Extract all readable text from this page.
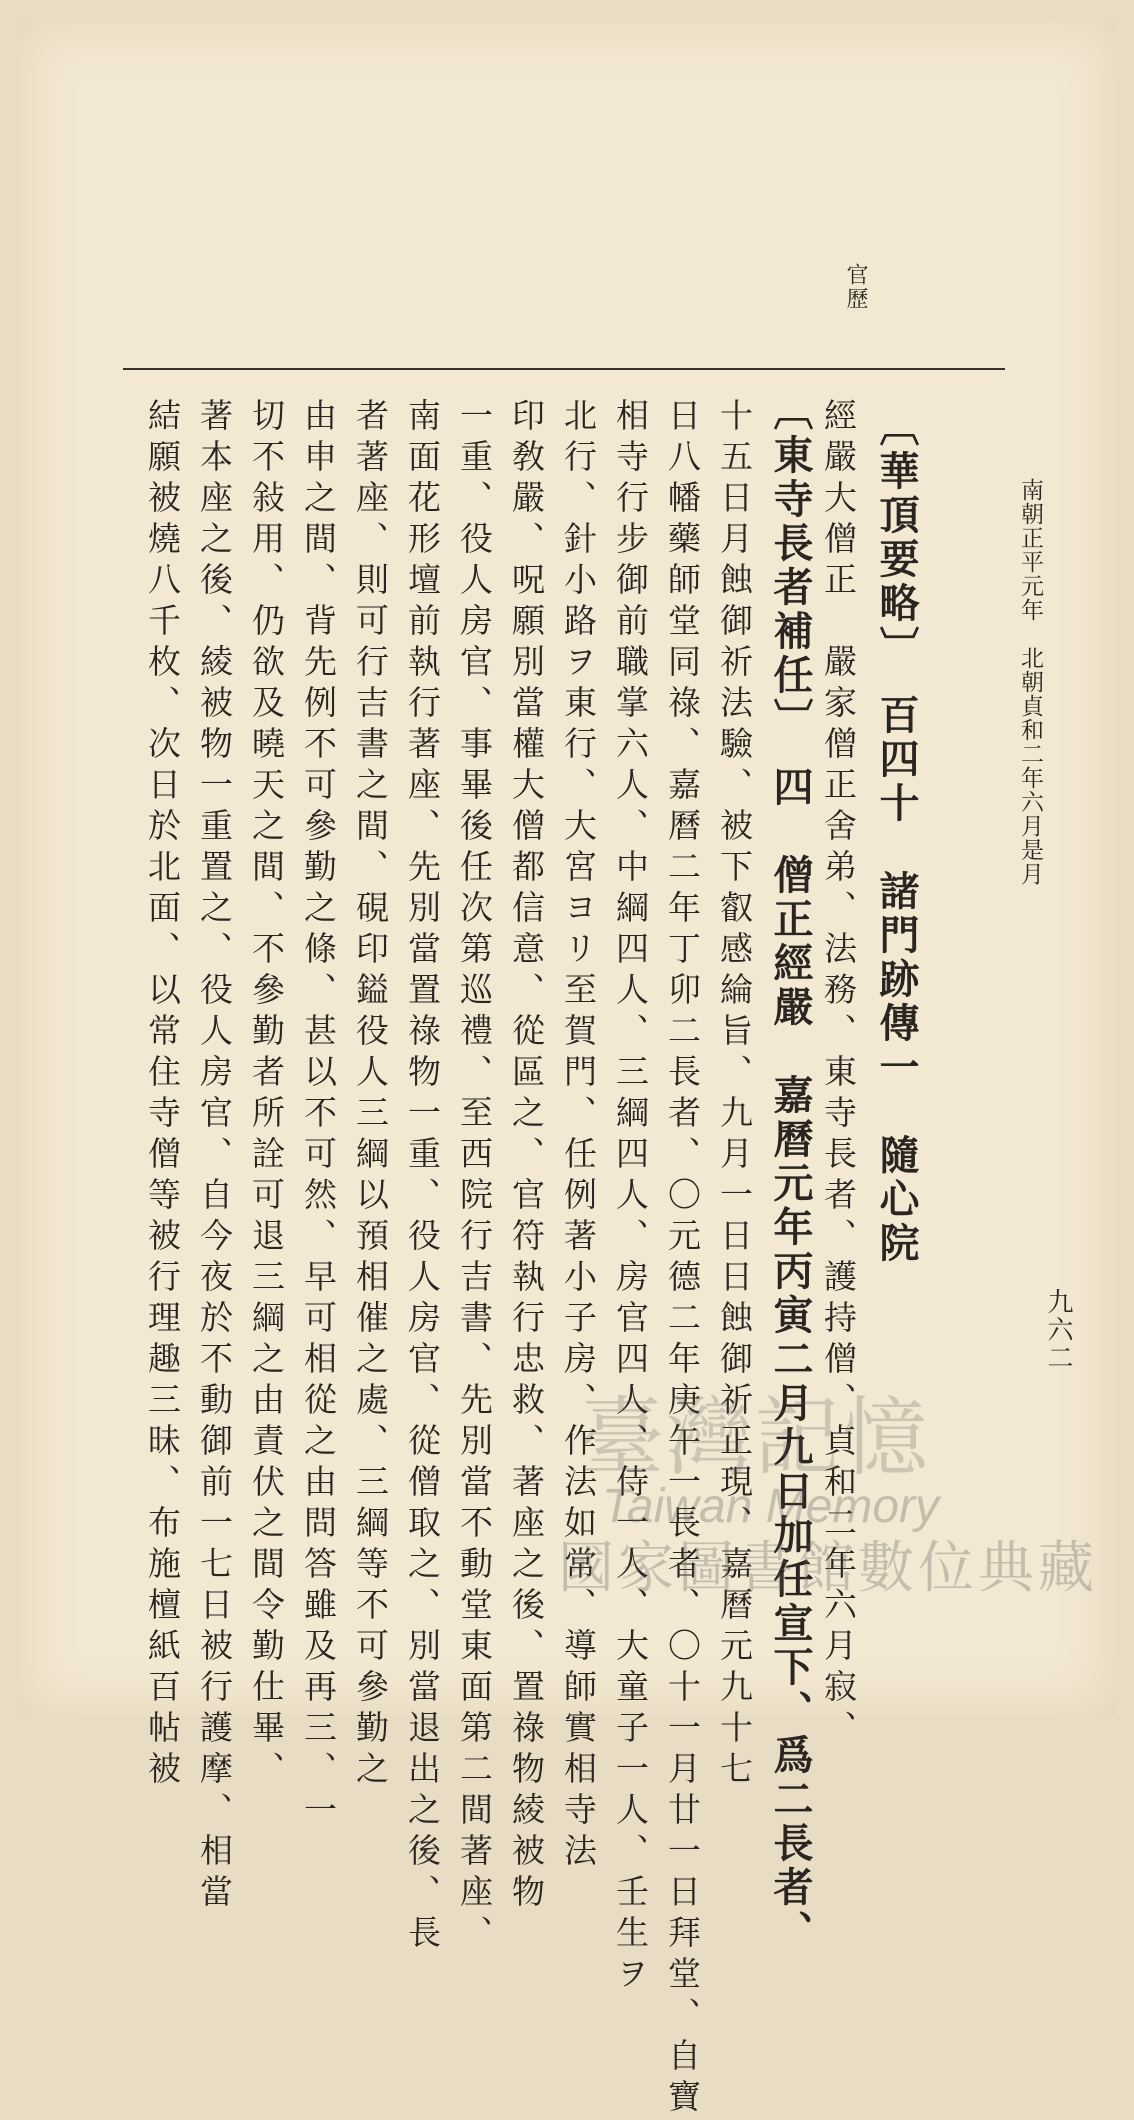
官歷
南朝正平元年　北朝貞和二年六月是月
九六二
〔華頂要略〕　百四十　諸門跡傳一　隨心院
經嚴大僧正　嚴家僧正舍弟、法務、東寺長者、護持僧、貞和二年六月寂、
〔東寺長者補任〕　四　僧正經嚴　嘉曆元年丙寅二月九日加任宣下、爲二長者、
十五日月蝕御祈法驗、被下叡感綸旨、九月一日日蝕御祈正現、嘉曆元九十七
日八幡藥師堂同祿、嘉曆二年丁卯二長者、〇元德二年庚午一長者、〇十一月廿一日拜堂、自寶
相寺行步御前職掌六人、中綱四人、三綱四人、房官四人、侍一人、大童子一人、壬生ヲ
北行、針小路ヲ東行、大宮ヨリ至賀門、任例著小子房、作法如常、導師實相寺法
印敎嚴、呪願別當權大僧都信意、從區之、官符執行忠救、著座之後、置祿物綾被物
一重、役人房官、事畢後任次第巡禮、至西院行吉書、先別當不動堂東面第二間著座、
南面花形壇前執行著座、先別當置祿物一重、役人房官、從僧取之、別當退出之後、長
者著座、則可行吉書之間、硯印鎰役人三綱以預相催之處、三綱等不可參勤之
由申之間、背先例不可參勤之條、甚以不可然、早可相從之由問答雖及再三、一
切不敍用、仍欲及曉天之間、不參勤者所詮可退三綱之由責伏之間令勤仕畢、
著本座之後、綾被物一重置之、役人房官、自今夜於不動御前一七日被行護摩、相當
結願被燒八千枚、次日於北面、以常住寺僧等被行理趣三昧、布施檀紙百帖被	臺灣記憶
Taiwan Memory
國家圖書館數位典藏
